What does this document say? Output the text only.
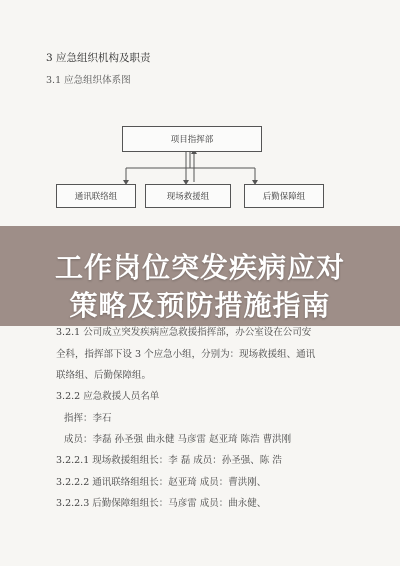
3 应急组织机构及职责
3.1 应急组织体系图
项目指挥部
通讯联络组	现场救援组	后勤保障组
工作岗位突发疾病应对
策略及预防措施指南
3.2.1 公司成立突发疾病应急救援指挥部，办公室设在公司安
全科，指挥部下设 3 个应急小组，分别为：现场救援组、通讯
联络组、后勤保障组。
3.2.2 应急救援人员名单
指挥：李石
成员：李磊 孙圣强 曲永健 马彦雷 赵亚琦 陈浩 曹洪刚
3.2.2.1 现场救援组组长：李 磊 成员：孙圣强、陈 浩
3.2.2.2 通讯联络组组长：赵亚琦 成员：曹洪刚、
3.2.2.3 后勤保障组组长：马彦雷 成员：曲永健、
